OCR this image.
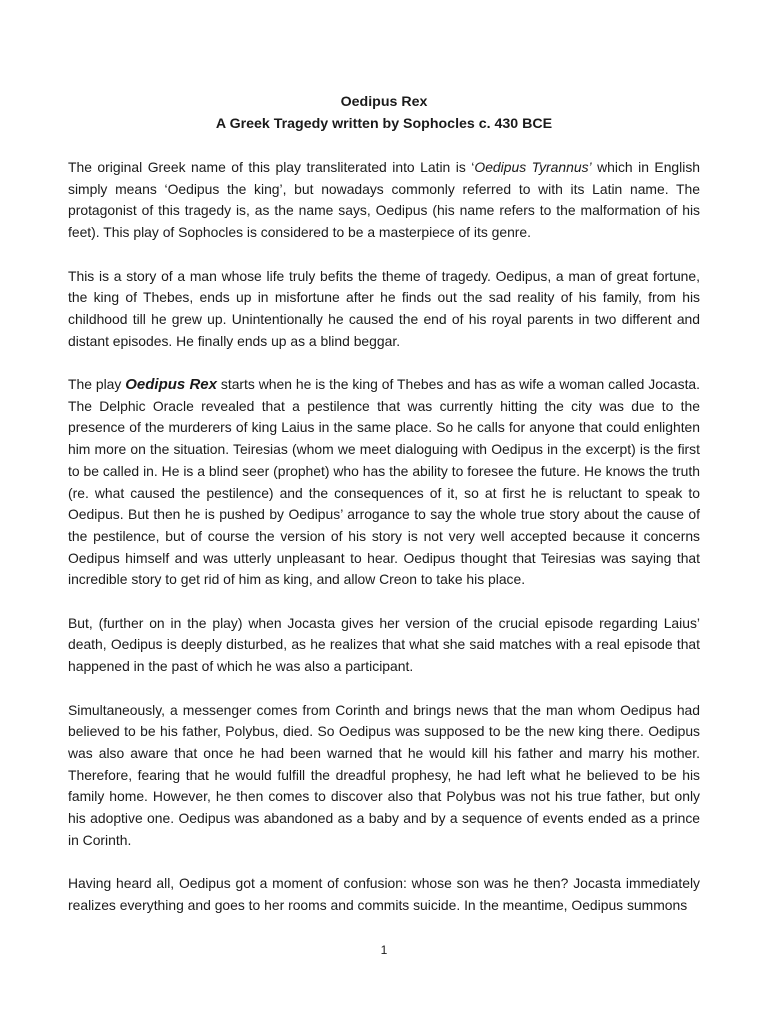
Oedipus Rex
A Greek Tragedy written by Sophocles c. 430 BCE

The original Greek name of this play transliterated into Latin is ‘Oedipus Tyrannus’ which in English simply means ‘Oedipus the king’, but nowadays commonly referred to with its Latin name. The protagonist of this tragedy is, as the name says, Oedipus (his name refers to the malformation of his feet). This play of Sophocles is considered to be a masterpiece of its genre.

This is a story of a man whose life truly befits the theme of tragedy. Oedipus, a man of great fortune, the king of Thebes, ends up in misfortune after he finds out the sad reality of his family, from his childhood till he grew up. Unintentionally he caused the end of his royal parents in two different and distant episodes. He finally ends up as a blind beggar.

The play Oedipus Rex starts when he is the king of Thebes and has as wife a woman called Jocasta. The Delphic Oracle revealed that a pestilence that was currently hitting the city was due to the presence of the murderers of king Laius in the same place. So he calls for anyone that could enlighten him more on the situation. Teiresias (whom we meet dialoguing with Oedipus in the excerpt) is the first to be called in. He is a blind seer (prophet) who has the ability to foresee the future. He knows the truth (re. what caused the pestilence) and the consequences of it, so at first he is reluctant to speak to Oedipus. But then he is pushed by Oedipus’ arrogance to say the whole true story about the cause of the pestilence, but of course the version of his story is not very well accepted because it concerns Oedipus himself and was utterly unpleasant to hear. Oedipus thought that Teiresias was saying that incredible story to get rid of him as king, and allow Creon to take his place.

But, (further on in the play) when Jocasta gives her version of the crucial episode regarding Laius’ death, Oedipus is deeply disturbed, as he realizes that what she said matches with a real episode that happened in the past of which he was also a participant.

Simultaneously, a messenger comes from Corinth and brings news that the man whom Oedipus had believed to be his father, Polybus, died. So Oedipus was supposed to be the new king there. Oedipus was also aware that once he had been warned that he would kill his father and marry his mother. Therefore, fearing that he would fulfill the dreadful prophesy, he had left what he believed to be his family home. However, he then comes to discover also that Polybus was not his true father, but only his adoptive one. Oedipus was abandoned as a baby and by a sequence of events ended as a prince in Corinth.

Having heard all, Oedipus got a moment of confusion: whose son was he then? Jocasta immediately realizes everything and goes to her rooms and commits suicide. In the meantime, Oedipus summons

1
